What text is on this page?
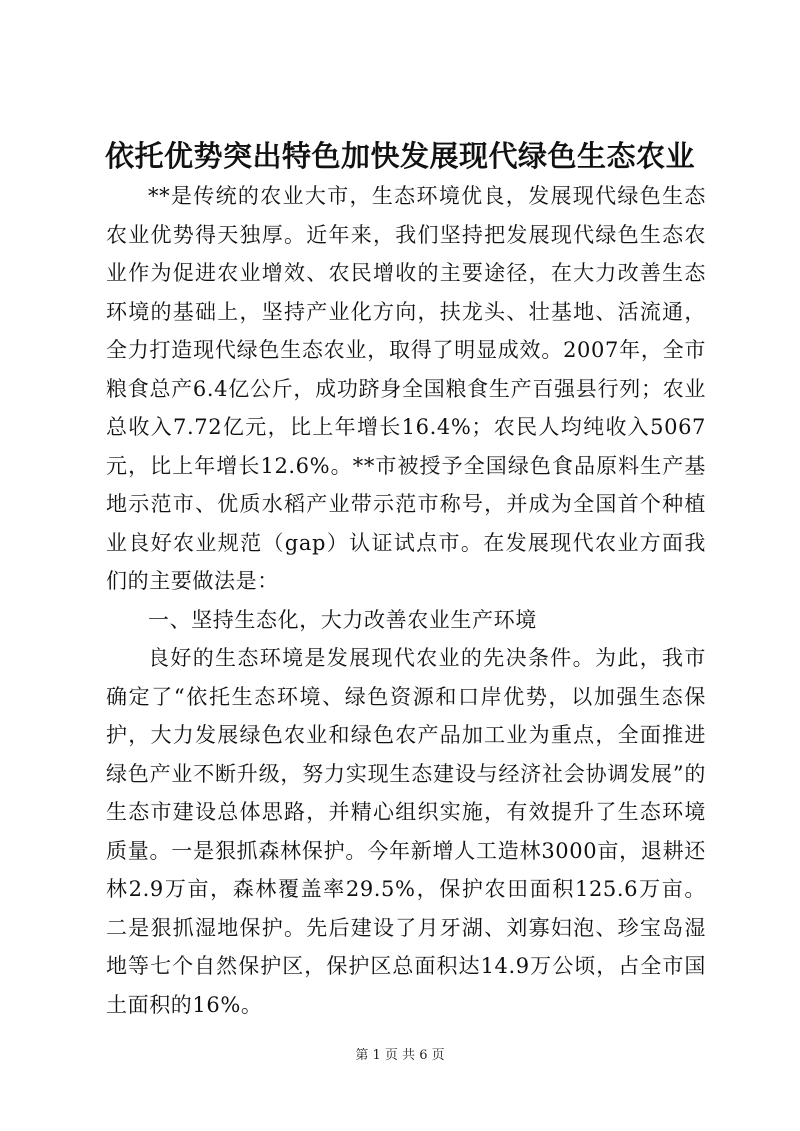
依托优势突出特色加快发展现代绿色生态农业

**是传统的农业大市，生态环境优良，发展现代绿色生态农业优势得天独厚。近年来，我们坚持把发展现代绿色生态农业作为促进农业增效、农民增收的主要途径，在大力改善生态环境的基础上，坚持产业化方向，扶龙头、壮基地、活流通，全力打造现代绿色生态农业，取得了明显成效。2007年，全市粮食总产6.4亿公斤，成功跻身全国粮食生产百强县行列；农业总收入7.72亿元，比上年增长16.4%；农民人均纯收入5067元，比上年增长12.6%。**市被授予全国绿色食品原料生产基地示范市、优质水稻产业带示范市称号，并成为全国首个种植业良好农业规范（gap）认证试点市。在发展现代农业方面我们的主要做法是：

一、坚持生态化，大力改善农业生产环境

良好的生态环境是发展现代农业的先决条件。为此，我市确定了“依托生态环境、绿色资源和口岸优势，以加强生态保护，大力发展绿色农业和绿色农产品加工业为重点，全面推进绿色产业不断升级，努力实现生态建设与经济社会协调发展”的生态市建设总体思路，并精心组织实施，有效提升了生态环境质量。一是狠抓森林保护。今年新增人工造林3000亩，退耕还林2.9万亩，森林覆盖率29.5%，保护农田面积125.6万亩。二是狠抓湿地保护。先后建设了月牙湖、刘寡妇泡、珍宝岛湿地等七个自然保护区，保护区总面积达14.9万公顷，占全市国土面积的16%。

第 1 页 共 6 页
